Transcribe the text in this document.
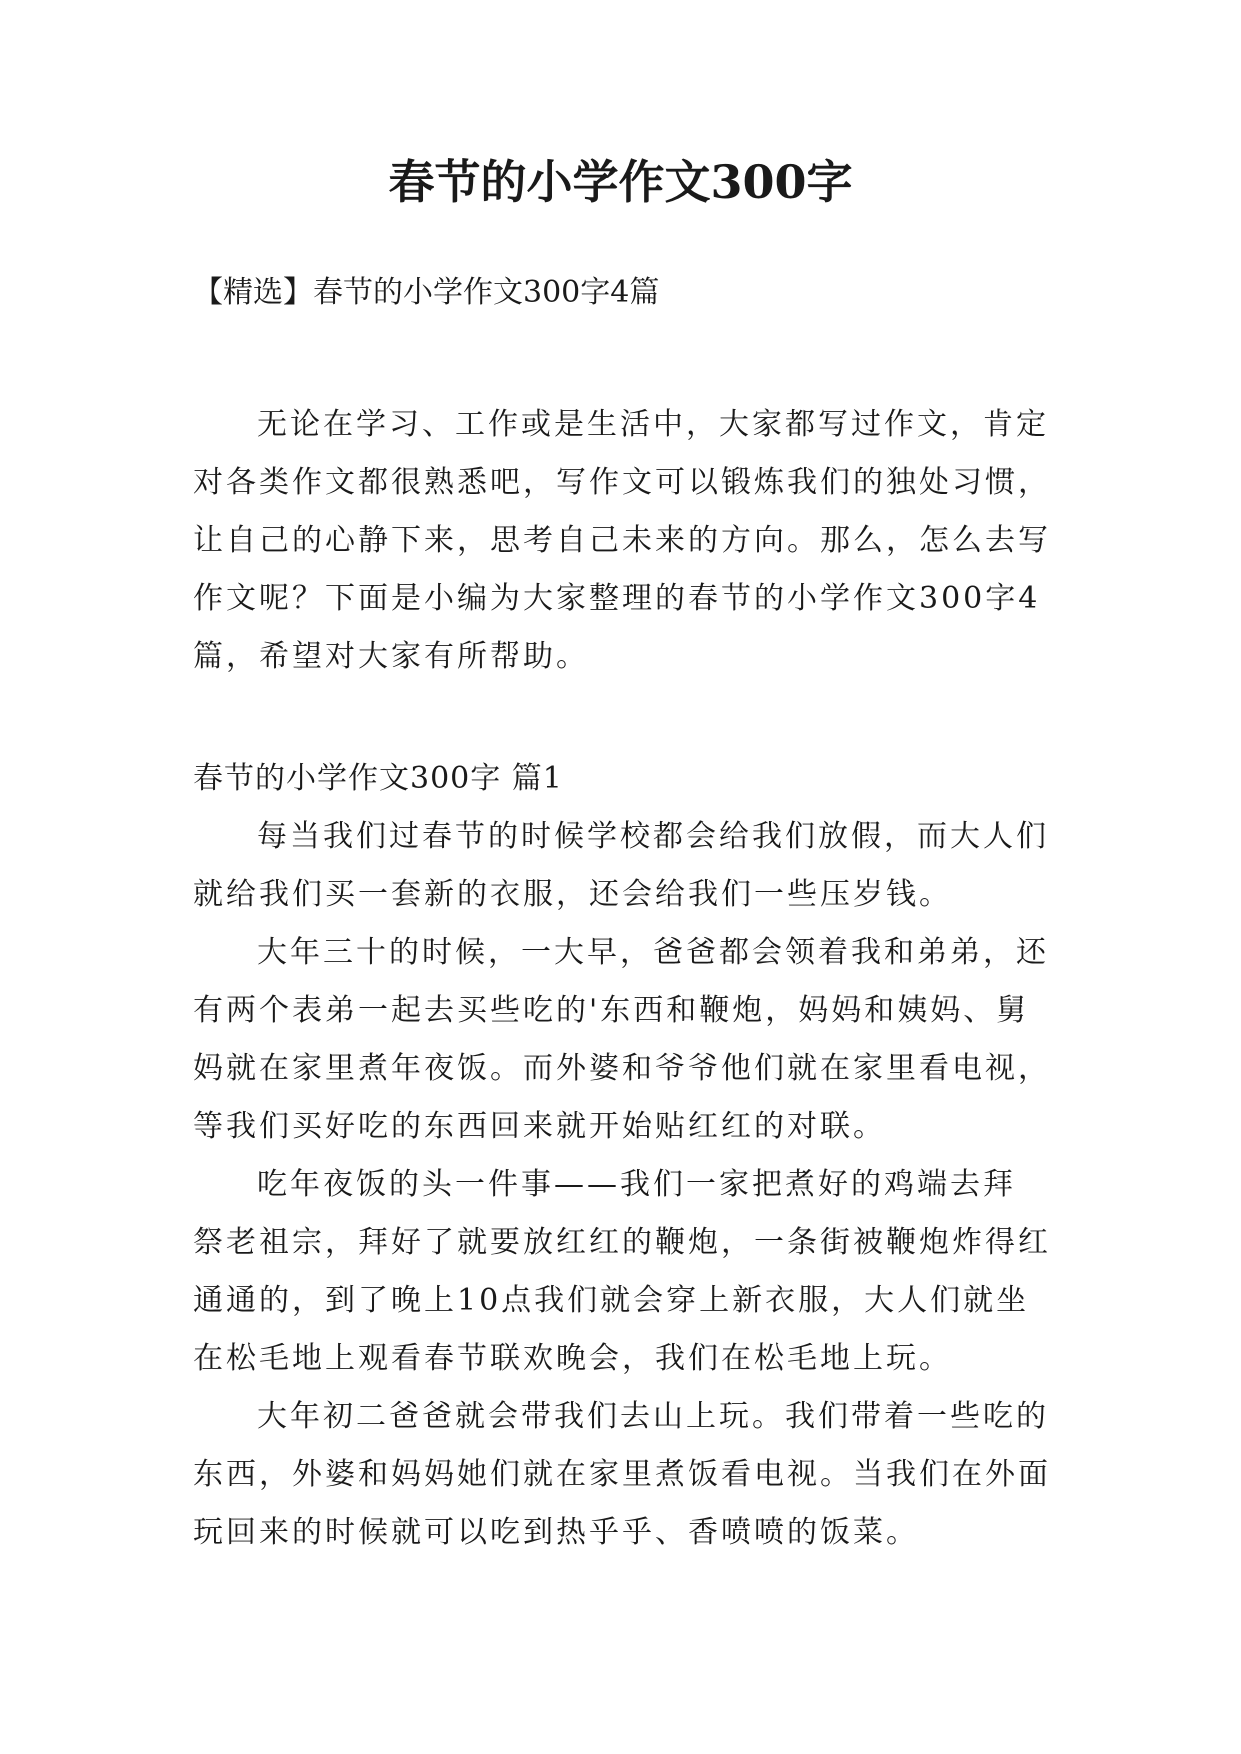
春节的小学作文300字

【精选】春节的小学作文300字4篇

无论在学习、工作或是生活中，大家都写过作文，肯定
对各类作文都很熟悉吧，写作文可以锻炼我们的独处习惯，
让自己的心静下来，思考自己未来的方向。那么，怎么去写
作文呢？下面是小编为大家整理的春节的小学作文300字4
篇，希望对大家有所帮助。

春节的小学作文300字 篇1

每当我们过春节的时候学校都会给我们放假，而大人们
就给我们买一套新的衣服，还会给我们一些压岁钱。
大年三十的时候，一大早，爸爸都会领着我和弟弟，还
有两个表弟一起去买些吃的'东西和鞭炮，妈妈和姨妈、舅
妈就在家里煮年夜饭。而外婆和爷爷他们就在家里看电视，
等我们买好吃的东西回来就开始贴红红的对联。
吃年夜饭的头一件事——我们一家把煮好的鸡端去拜
祭老祖宗，拜好了就要放红红的鞭炮，一条街被鞭炮炸得红
通通的，到了晚上10点我们就会穿上新衣服，大人们就坐
在松毛地上观看春节联欢晚会，我们在松毛地上玩。
大年初二爸爸就会带我们去山上玩。我们带着一些吃的
东西，外婆和妈妈她们就在家里煮饭看电视。当我们在外面
玩回来的时候就可以吃到热乎乎、香喷喷的饭菜。
